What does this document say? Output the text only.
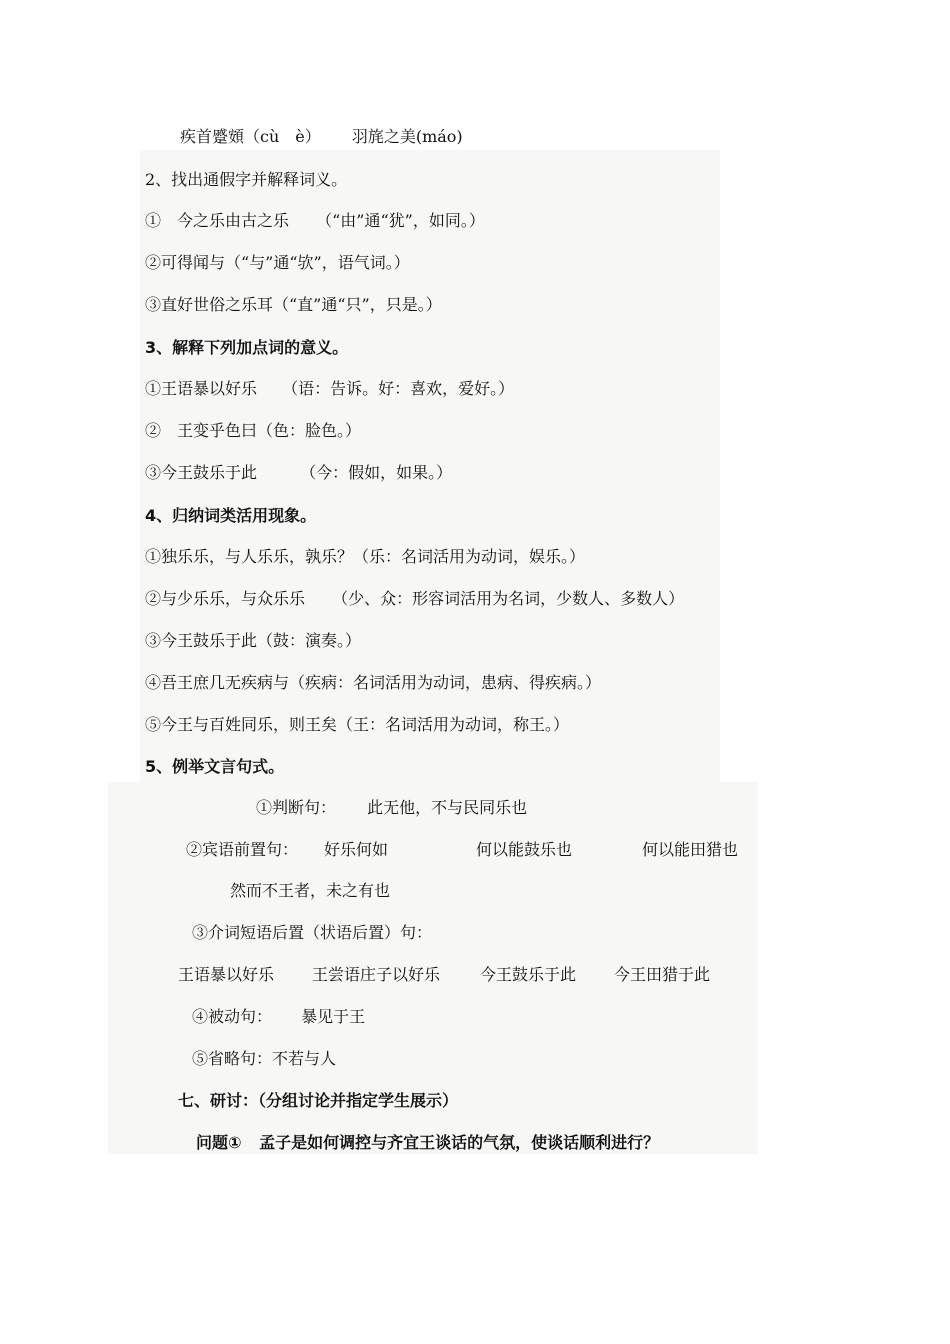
疾首蹙頞（cù　è） 羽旄之美(máo)
2、找出通假字并解释词义。
①　今之乐由古之乐 （“由”通“犹”，如同。）
②可得闻与（“与”通“欤”，语气词。）
③直好世俗之乐耳（“直”通“只”，只是。）
3、解释下列加点词的意义。
①王语暴以好乐 （语：告诉。好：喜欢，爱好。）
②　王变乎色曰（色：脸色。）
③今王鼓乐于此	（今：假如，如果。）
4、归纳词类活用现象。
①独乐乐，与人乐乐，孰乐？（乐：名词活用为动词，娱乐。）
②与少乐乐，与众乐乐 （少、众：形容词活用为名词，少数人、多数人）
③今王鼓乐于此（鼓：演奏。）
④吾王庶几无疾病与（疾病：名词活用为动词，患病、得疾病。）
⑤今王与百姓同乐，则王矣（王：名词活用为动词，称王。）
5、例举文言句式。
①判断句： 此无他，不与民同乐也
②宾语前置句： 好乐何如	何以能鼓乐也	何以能田猎也
然而不王者，未之有也
③介词短语后置（状语后置）句：
王语暴以好乐 王尝语庄子以好乐 今王鼓乐于此 今王田猎于此
④被动句： 暴见于王
⑤省略句：不若与人
七、研讨：（分组讨论并指定学生展示）
问题① 孟子是如何调控与齐宜王谈话的气氛，使谈话顺利进行？
